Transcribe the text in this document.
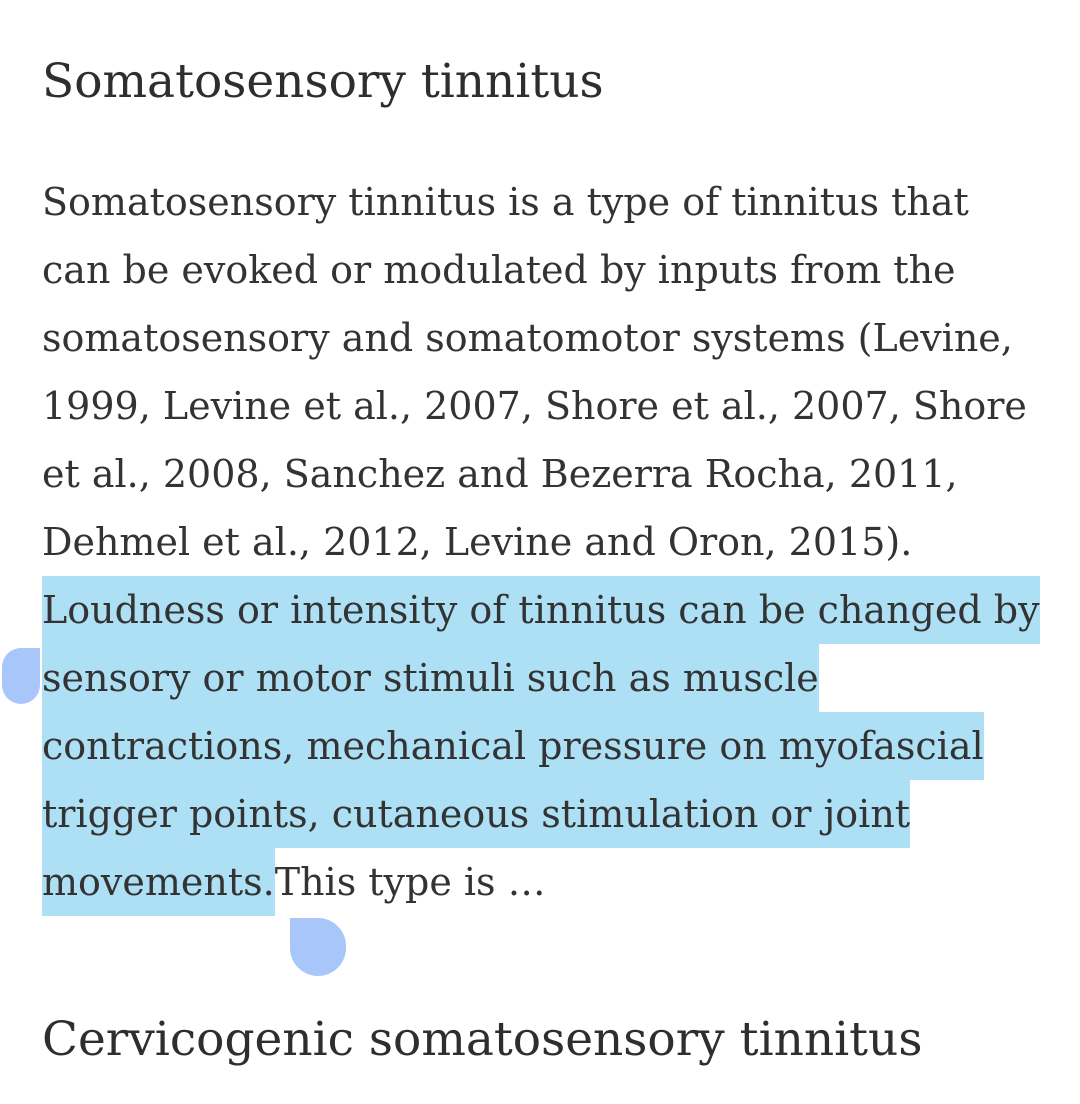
Somatosensory tinnitus
Somatosensory tinnitus is a type of tinnitus that
can be evoked or modulated by inputs from the
somatosensory and somatomotor systems (Levine,
1999, Levine et al., 2007, Shore et al., 2007, Shore
et al., 2008, Sanchez and Bezerra Rocha, 2011,
Dehmel et al., 2012, Levine and Oron, 2015).
Loudness or intensity of tinnitus can be changed by
sensory or motor stimuli such as muscle
contractions, mechanical pressure on myofascial
trigger points, cutaneous stimulation or joint
movements.This type is …
Cervicogenic somatosensory tinnitus
